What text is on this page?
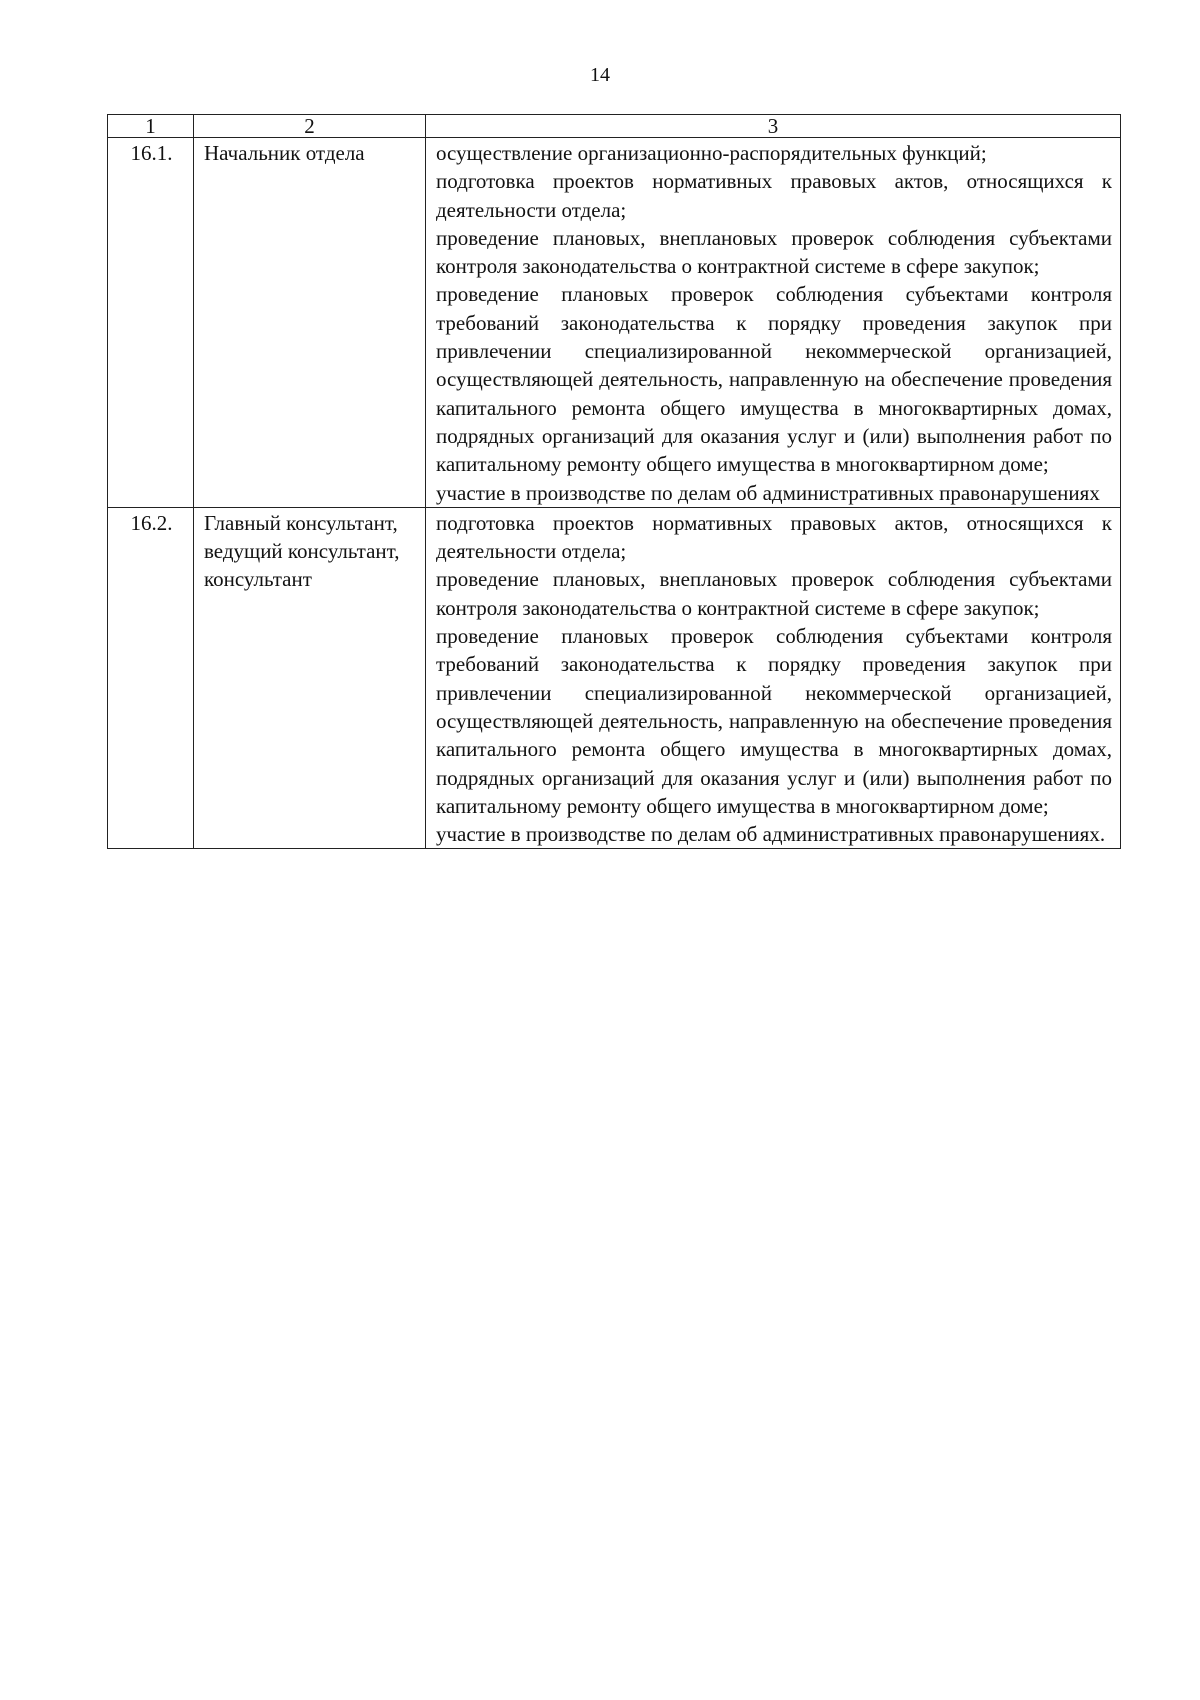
14
1	2	3
16.1.	Начальник отдела	осуществление организационно-распорядительных функций;
подготовка проектов нормативных правовых актов, относящихся к деятельности отдела;
проведение плановых, внеплановых проверок соблюдения субъектами контроля законодательства о контрактной системе в сфере закупок;
проведение плановых проверок соблюдения субъектами контроля требований законодательства к порядку проведения закупок при привлечении специализированной некоммерческой организацией, осуществляющей деятельность, направленную на обеспечение проведения капитального ремонта общего имущества в многоквартирных домах, подрядных организаций для оказания услуг и (или) выполнения работ по капитальному ремонту общего имущества в многоквартирном доме;
участие в производстве по делам об административных правонарушениях

16.2.	Главный консультант, ведущий консультант, консультант	подготовка проектов нормативных правовых актов, относящихся к деятельности отдела;
проведение плановых, внеплановых проверок соблюдения субъектами контроля законодательства о контрактной системе в сфере закупок;
проведение плановых проверок соблюдения субъектами контроля требований законодательства к порядку проведения закупок при привлечении специализированной некоммерческой организацией, осуществляющей деятельность, направленную на обеспечение проведения капитального ремонта общего имущества в многоквартирных домах, подрядных организаций для оказания услуг и (или) выполнения работ по капитальному ремонту общего имущества в многоквартирном доме;
участие в производстве по делам об административных правонарушениях.
